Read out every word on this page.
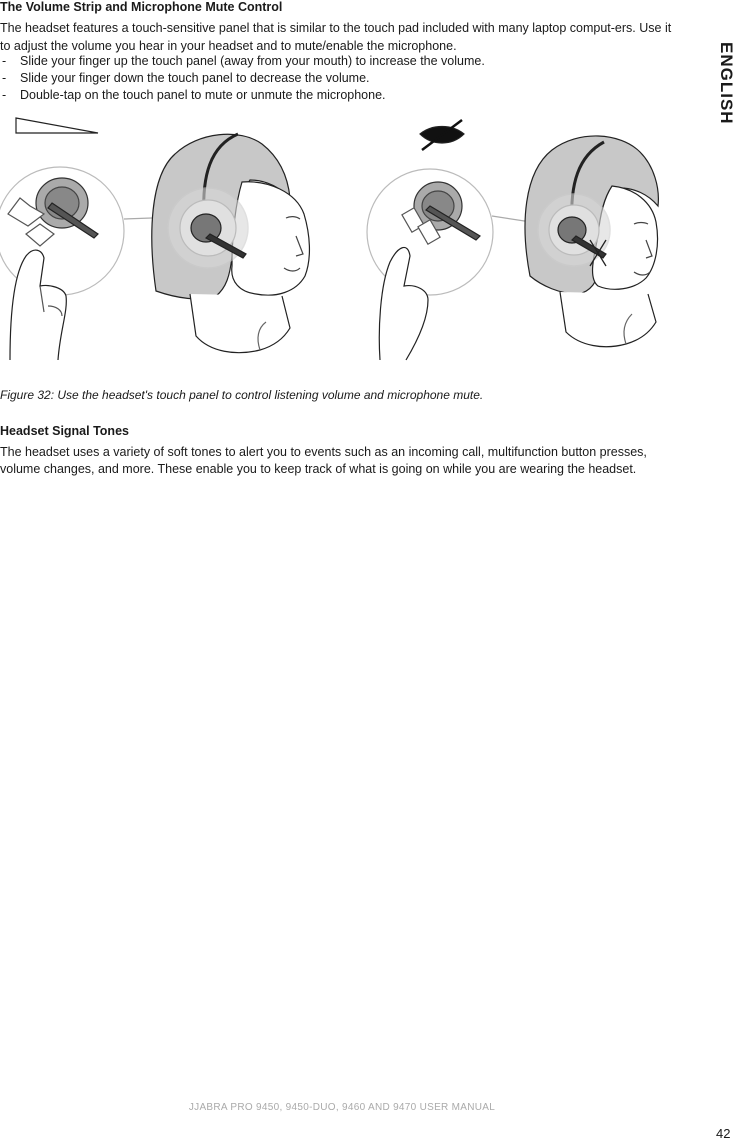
The Volume Strip and Microphone Mute Control
The headset features a touch-sensitive panel that is similar to the touch pad included with many laptop comput-ers. Use it to adjust the volume you hear in your headset and to mute/enable the microphone.
- Slide your finger up the touch panel (away from your mouth) to increase the volume.
- Slide your finger down the touch panel to decrease the volume.
- Double-tap on the touch panel to mute or unmute the microphone.	ENGLISH
Figure 32: Use the headset's touch panel to control listening volume and microphone mute.
Headset Signal Tones
The headset uses a variety of soft tones to alert you to events such as an incoming call, multifunction button presses, volume changes, and more. These enable you to keep track of what is going on while you are wearing the headset.
JJABRA PRO 9450, 9450-DUO, 9460 AND 9470 USER MANUAL
42
